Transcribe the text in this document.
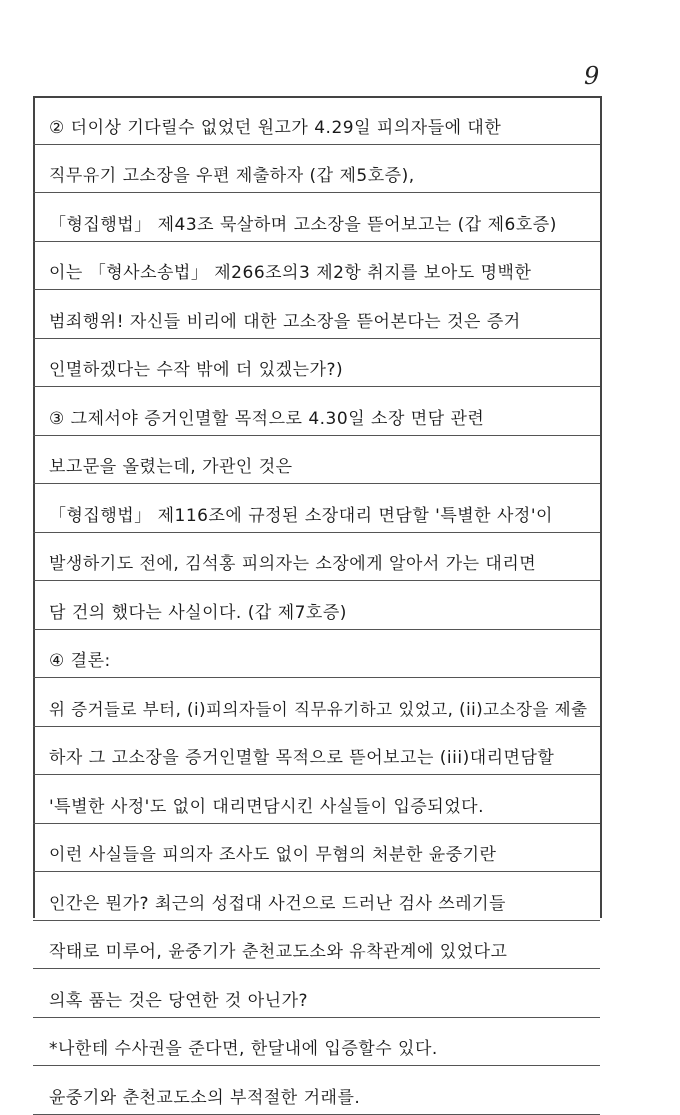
9
② 더이상 기다릴수 없었던 원고가 4.29일 피의자들에 대한
직무유기 고소장을 우편 제출하자 (갑 제5호증),
「형집행법」 제43조 묵살하며 고소장을 뜯어보고는 (갑 제6호증)
이는 「형사소송법」 제266조의3 제2항 취지를 보아도 명백한
범죄행위! 자신들 비리에 대한 고소장을 뜯어본다는 것은 증거
인멸하겠다는 수작 밖에 더 있겠는가?)
③ 그제서야 증거인멸할 목적으로 4.30일 소장 면담 관련
보고문을 올렸는데, 가관인 것은
「형집행법」 제116조에 규정된 소장대리 면담할 '특별한 사정'이
발생하기도 전에, 김석홍 피의자는 소장에게 알아서 가는 대리면
담 건의 했다는 사실이다. (갑 제7호증)
④ 결론:
위 증거들로 부터, (i)피의자들이 직무유기하고 있었고, (ii)고소장을 제출
하자 그 고소장을 증거인멸할 목적으로 뜯어보고는 (iii)대리면담할
'특별한 사정'도 없이 대리면담시킨 사실들이 입증되었다.
이런 사실들을 피의자 조사도 없이 무혐의 처분한 윤중기란
인간은 뭔가? 최근의 성접대 사건으로 드러난 검사 쓰레기들
작태로 미루어, 윤중기가 춘천교도소와 유착관계에 있었다고
의혹 품는 것은 당연한 것 아닌가?
*나한테 수사권을 준다면, 한달내에 입증할수 있다.
윤중기와 춘천교도소의 부적절한 거래를.
